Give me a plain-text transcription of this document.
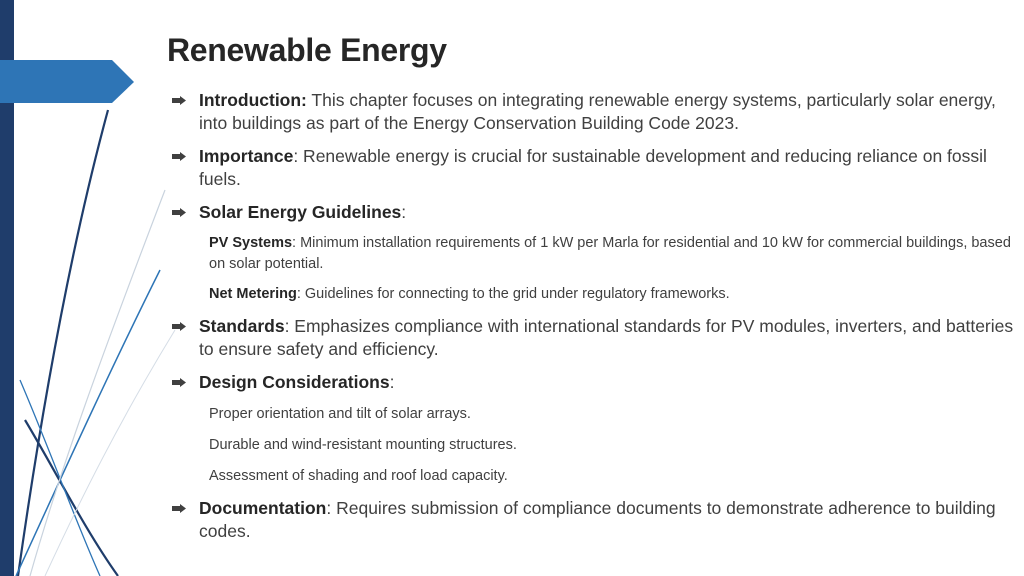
Renewable Energy
Introduction: This chapter focuses on integrating renewable energy systems, particularly solar energy, into buildings as part of the Energy Conservation Building Code 2023.
Importance: Renewable energy is crucial for sustainable development and reducing reliance on fossil fuels.
Solar Energy Guidelines:
PV Systems: Minimum installation requirements of 1 kW per Marla for residential and 10 kW for commercial buildings, based on solar potential.
Net Metering: Guidelines for connecting to the grid under regulatory frameworks.
Standards: Emphasizes compliance with international standards for PV modules, inverters, and batteries to ensure safety and efficiency.
Design Considerations:
Proper orientation and tilt of solar arrays.
Durable and wind-resistant mounting structures.
Assessment of shading and roof load capacity.
Documentation: Requires submission of compliance documents to demonstrate adherence to building codes.
